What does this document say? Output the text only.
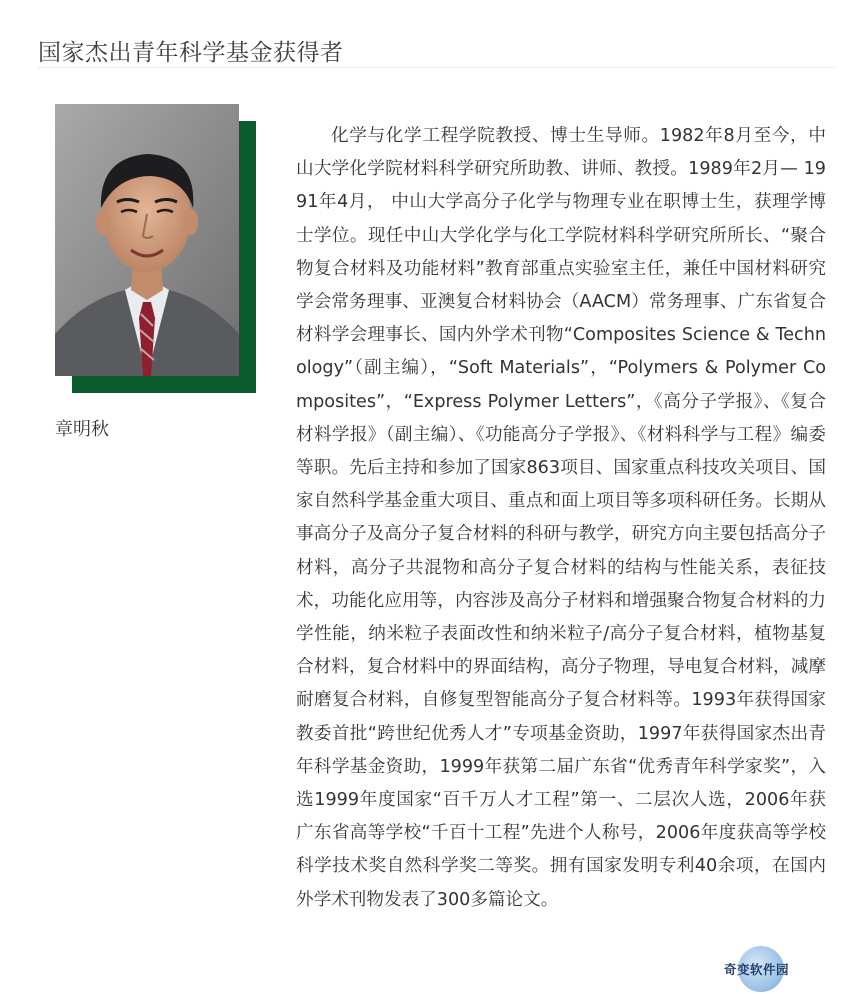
国家杰出青年科学基金获得者
章明秋

化学与化学工程学院教授、博士生导师。1982年8月至今，中山大学化学院材料科学研究所助教、讲师、教授。1989年2月— 1991年4月， 中山大学高分子化学与物理专业在职博士生，获理学博士学位。现任中山大学化学与化工学院材料科学研究所所长、“聚合物复合材料及功能材料”教育部重点实验室主任，兼任中国材料研究学会常务理事、亚澳复合材料协会（AACM）常务理事、广东省复合材料学会理事长、国内外学术刊物“Composites Science & Technology”（副主编），“Soft Materials”，“Polymers & Polymer Composites”，“Express Polymer Letters”，《高分子学报》、《复合材料学报》（副主编）、《功能高分子学报》、《材料科学与工程》编委等职。先后主持和参加了国家863项目、国家重点科技攻关项目、国家自然科学基金重大项目、重点和面上项目等多项科研任务。长期从事高分子及高分子复合材料的科研与教学，研究方向主要包括高分子材料，高分子共混物和高分子复合材料的结构与性能关系，表征技术，功能化应用等，内容涉及高分子材料和增强聚合物复合材料的力学性能，纳米粒子表面改性和纳米粒子/高分子复合材料，植物基复合材料，复合材料中的界面结构，高分子物理，导电复合材料，减摩耐磨复合材料，自修复型智能高分子复合材料等。1993年获得国家教委首批“跨世纪优秀人才”专项基金资助，1997年获得国家杰出青年科学基金资助，1999年获第二届广东省“优秀青年科学家奖”，入选1999年度国家“百千万人才工程”第一、二层次人选，2006年获广东省高等学校“千百十工程”先进个人称号，2006年度获高等学校科学技术奖自然科学奖二等奖。拥有国家发明专利40余项，在国内外学术刊物发表了300多篇论文。

奇变软件园
